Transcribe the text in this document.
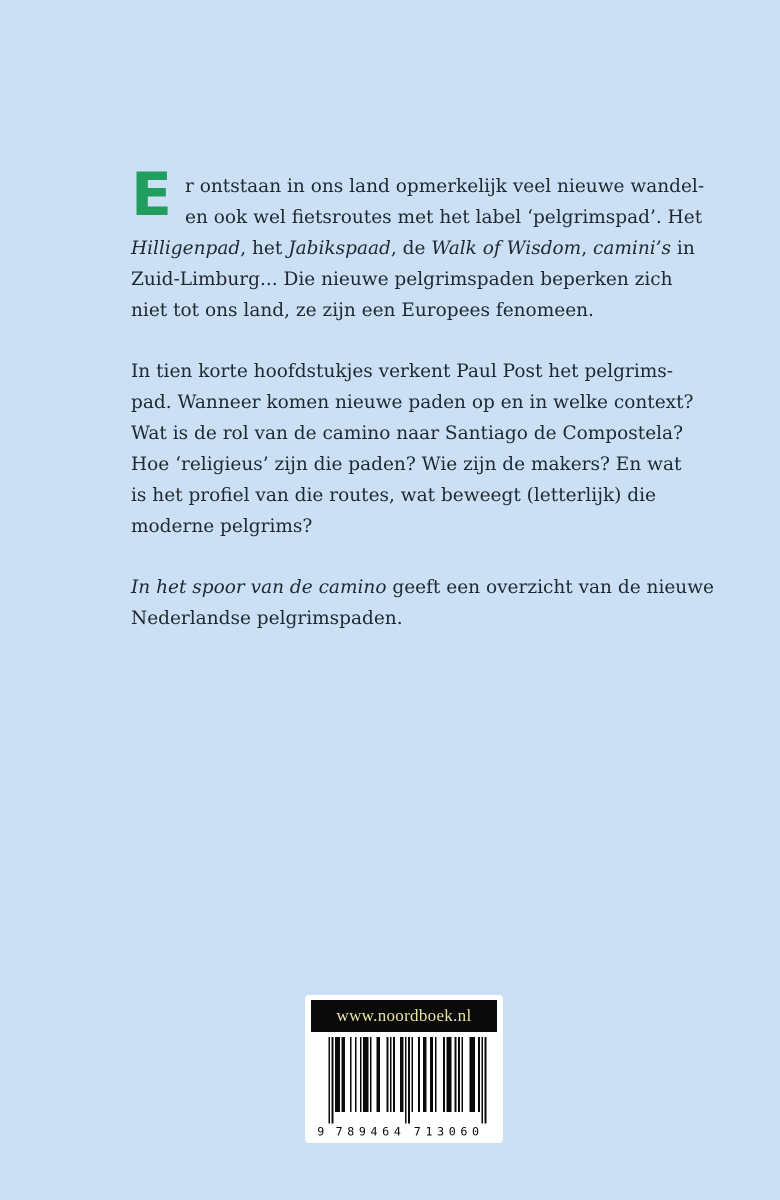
E r ontstaan in ons land opmerkelijk veel nieuwe wandel-
en ook wel fietsroutes met het label ‘pelgrimspad’. Het
Hilligenpad, het Jabikspaad, de Walk of Wisdom, camini’s in
Zuid-Limburg... Die nieuwe pelgrimspaden beperken zich
niet tot ons land, ze zijn een Europees fenomeen.
In tien korte hoofdstukjes verkent Paul Post het pelgrims-
pad. Wanneer komen nieuwe paden op en in welke context?
Wat is de rol van de camino naar Santiago de Compostela?
Hoe ‘religieus’ zijn die paden? Wie zijn de makers? En wat
is het profiel van die routes, wat beweegt (letterlijk) die
moderne pelgrims?
In het spoor van de camino geeft een overzicht van de nieuwe
Nederlandse pelgrimspaden.
www.noordboek.nl
9 7 8 9 4 6 4 7 1 3 0 6 0
